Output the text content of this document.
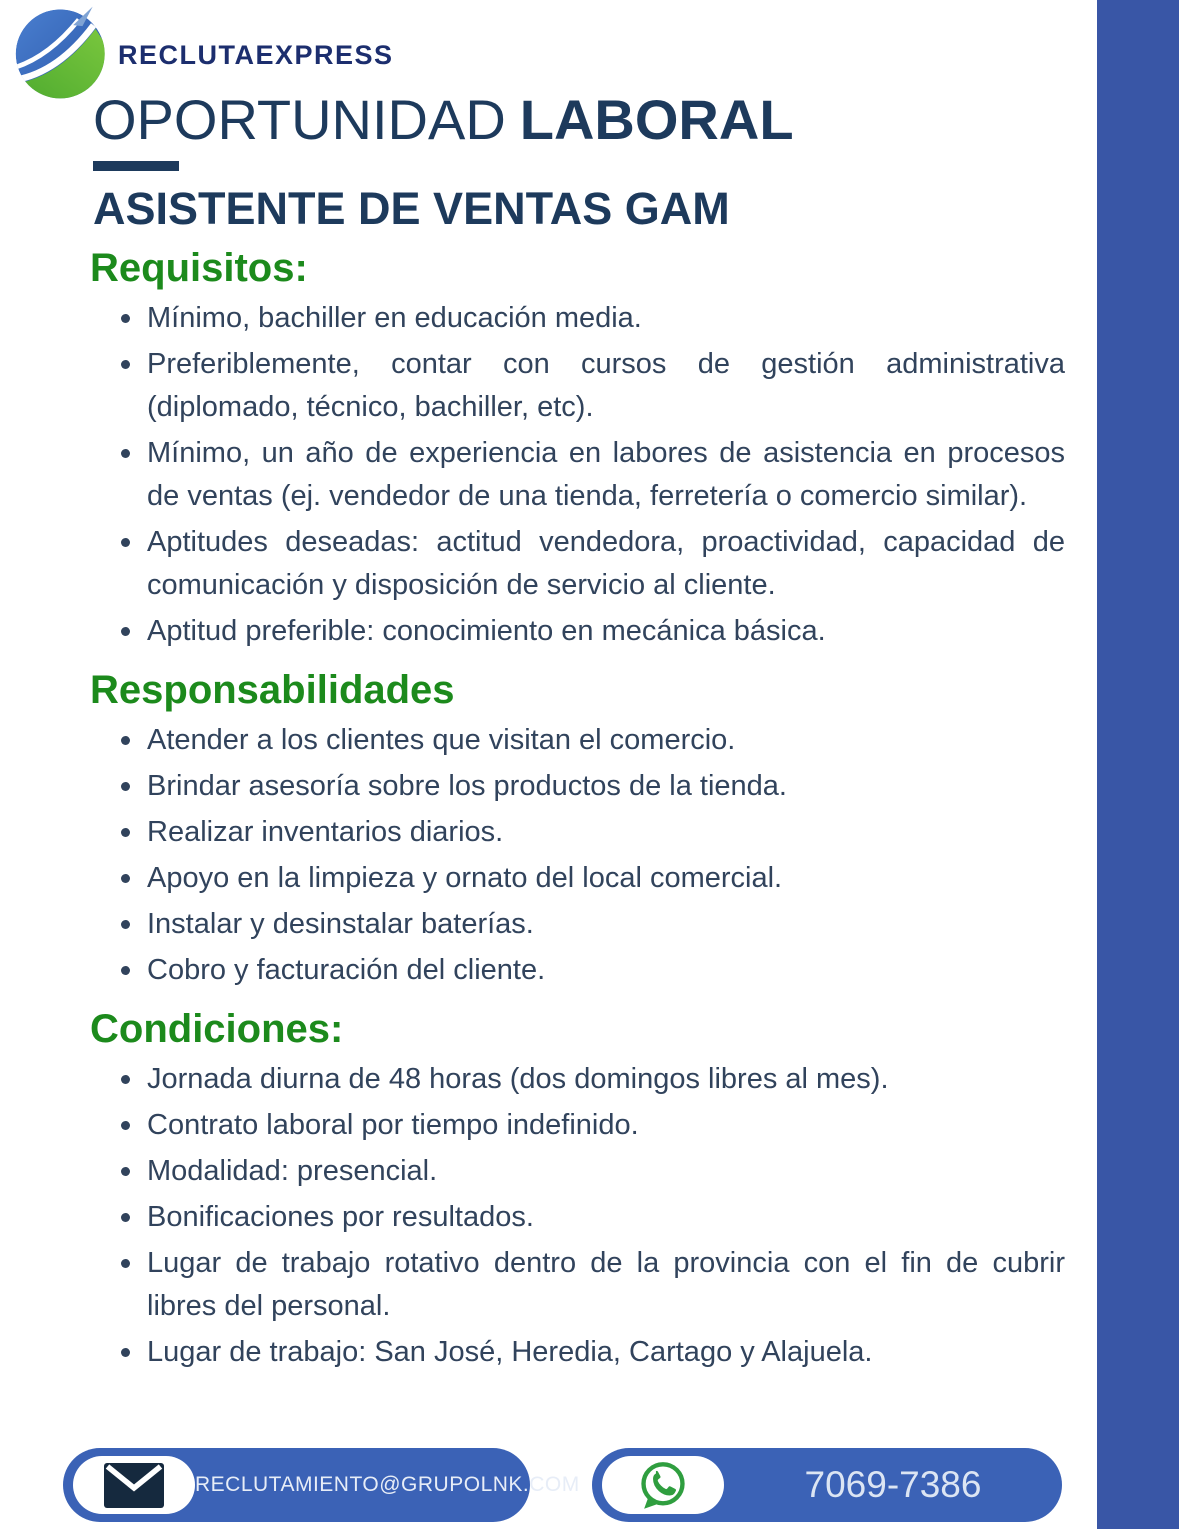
RECLUTAEXPRESS
OPORTUNIDAD LABORAL
ASISTENTE DE VENTAS GAM
Requisitos:
Mínimo, bachiller en educación media.
Preferiblemente, contar con cursos de gestión administrativa (diplomado, técnico, bachiller, etc).
Mínimo, un año de experiencia en labores de asistencia en procesos de ventas (ej. vendedor de una tienda, ferretería o comercio similar).
Aptitudes deseadas: actitud vendedora, proactividad, capacidad de comunicación y disposición de servicio al cliente.
Aptitud preferible: conocimiento en mecánica básica.
Responsabilidades
Atender a los clientes que visitan el comercio.
Brindar asesoría sobre los productos de la tienda.
Realizar inventarios diarios.
Apoyo en la limpieza y ornato del local comercial.
Instalar y desinstalar baterías.
Cobro y facturación del cliente.
Condiciones:
Jornada diurna de 48 horas (dos domingos libres al mes).
Contrato laboral por tiempo indefinido.
Modalidad: presencial.
Bonificaciones por resultados.
Lugar de trabajo rotativo dentro de la provincia con el fin de cubrir libres del personal.
Lugar de trabajo: San José, Heredia, Cartago y Alajuela.
RECLUTAMIENTO@GRUPOLNK.COM	7069-7386
